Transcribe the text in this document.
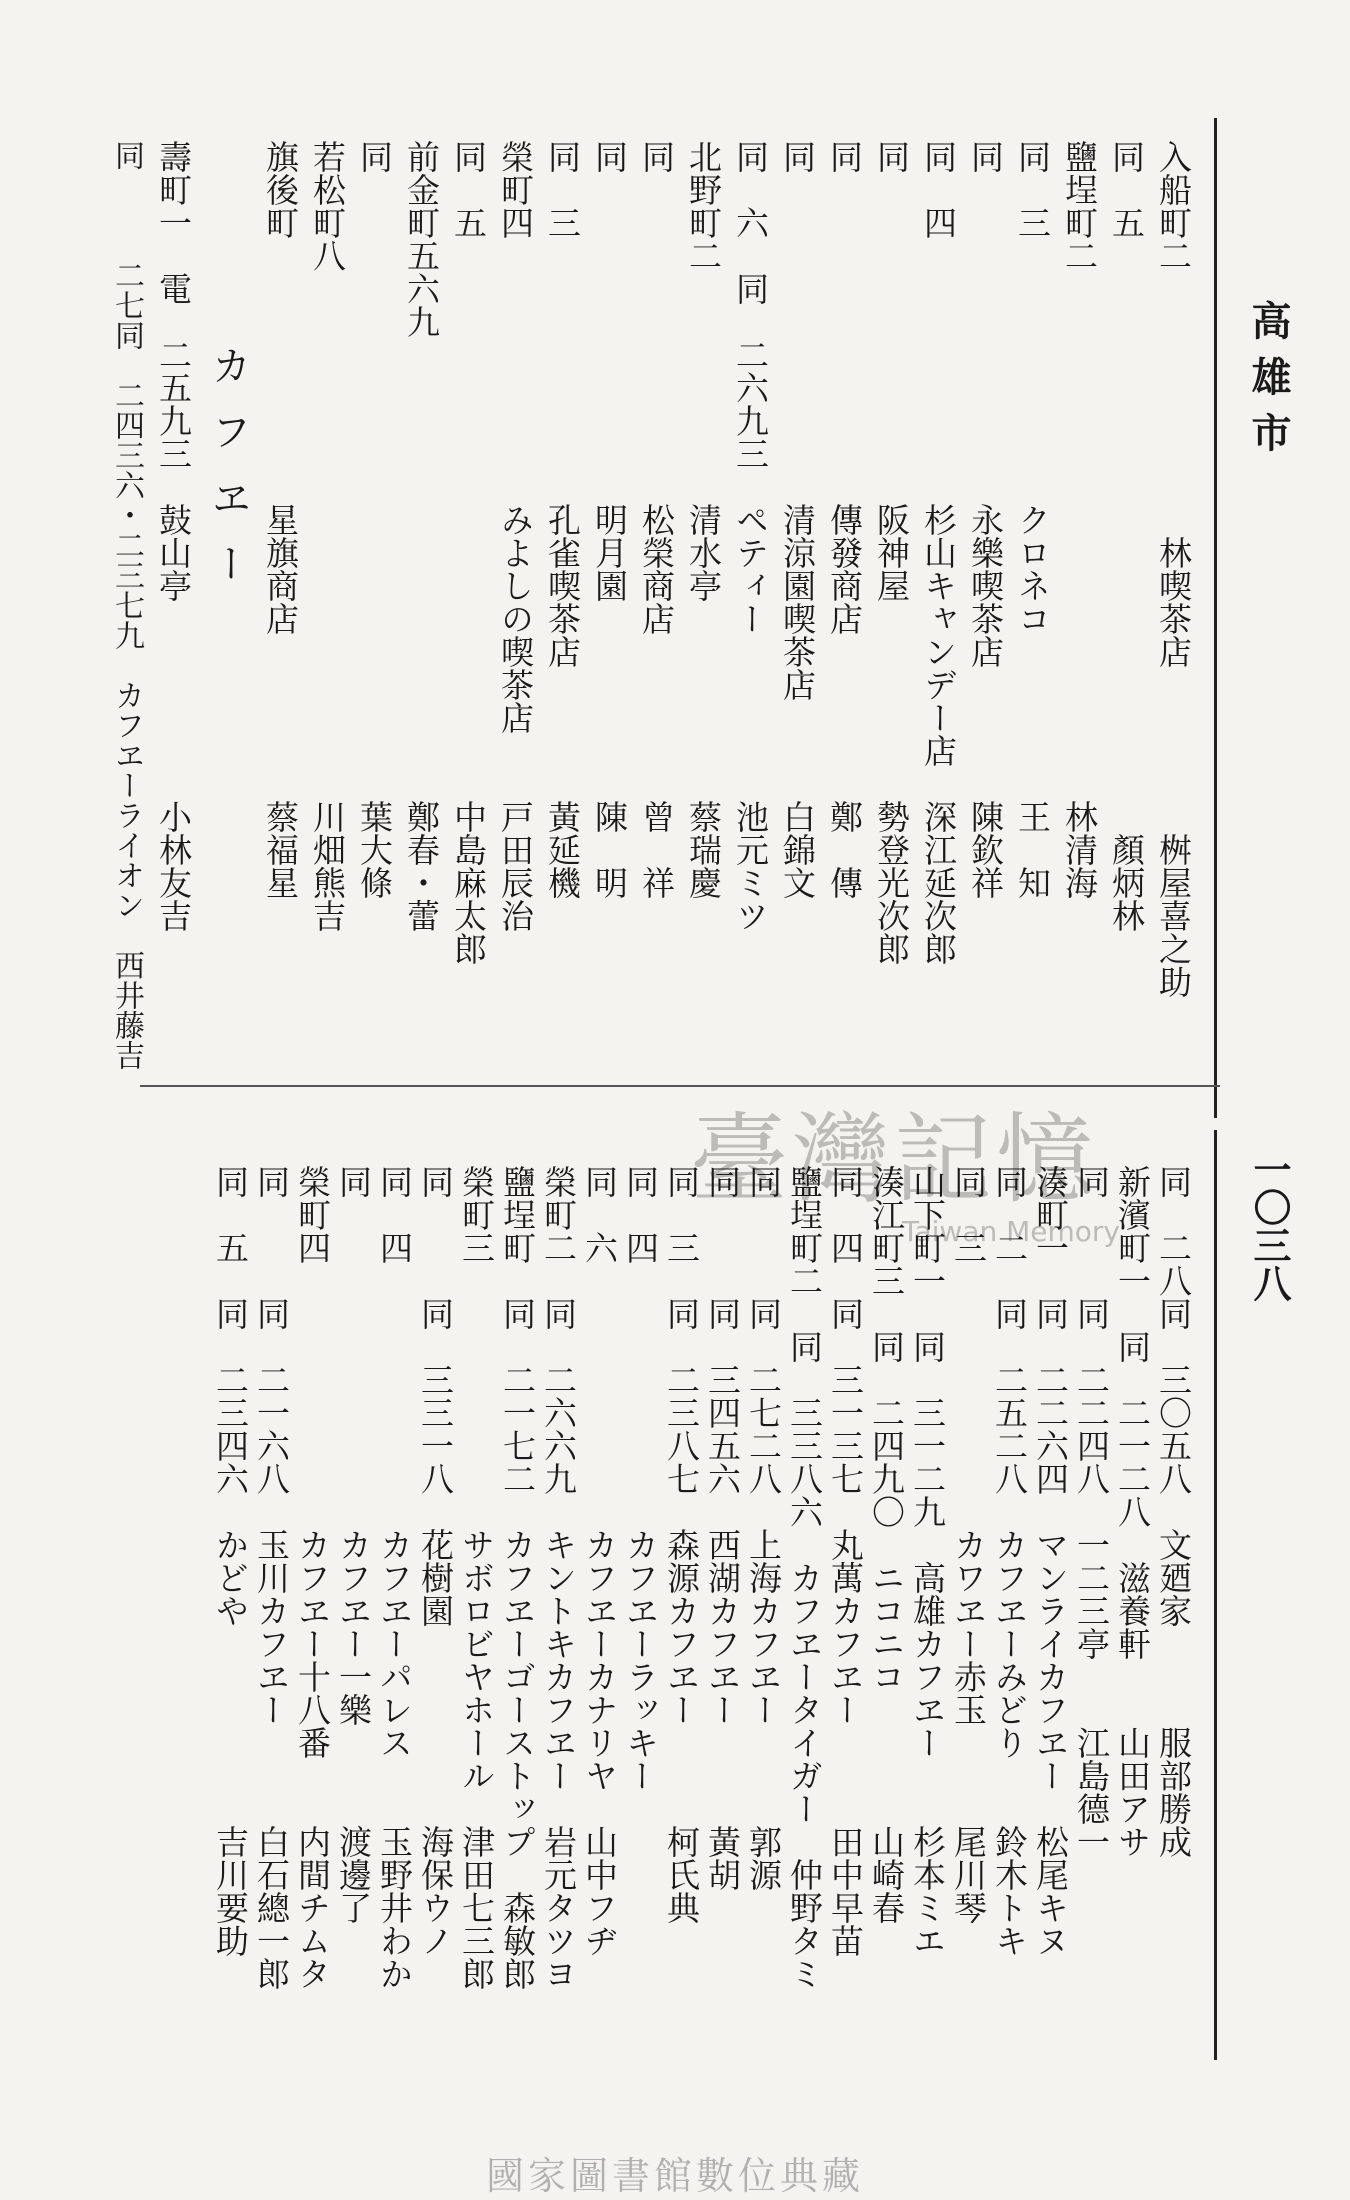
高雄市
一〇三八
入船町二　　　　　　　　林喫茶店　　　　　桝屋喜之助
同　五　　　　　　　　　　　　　　　　　　顏炳林
鹽埕町二　　　　　　　　　　　　　　　　林清海
同　三　　　　　　　　クロネコ　　　　　王　知
同　　　　　　　　　　永樂喫茶店　　　　陳欽祥
同　四　　　　　　　　杉山キャンデー店　深江延次郎
同　　　　　　　　　　阪神屋　　　　　　勢登光次郎
同　　　　　　　　　　傳發商店　　　　　鄭　傳
同　　　　　　　　　　清涼園喫茶店　　　白錦文
同　六　同　二六九三　ペティー　　　　　池元ミツ
北野町二　　　　　　　清水亭　　　　　　蔡瑞慶
同　　　　　　　　　　松榮商店　　　　　曾　祥
同　　　　　　　　　　明月園　　　　　　陳　明
同　三　　　　　　　　孔雀喫茶店　　　　黃延機
榮町四　　　　　　　　みよしの喫茶店　　戸田辰治
同　五　　　　　　　　　　　　　　　　　中島麻太郎
前金町五六九　　　　　　　　　　　　　　鄭春・蕾
同　　　　　　　　　　　　　　　　　　　葉大條
若松町八　　　　　　　　　　　　　　　　川畑熊吉
旗後町　　　　　　　　星旗商店　　　　　蔡福星
カフヱー
壽町一　電　二五九三　鼓山亭　　　　　　小林友吉
同　　　二七同　二四三六・二三七九　カフヱーライオン　西井藤吉
臺灣記憶
Taiwan Memory	同　二八同　三〇五八　文廼家　　　服部勝成
新濱町一　同　二一二八　滋養軒　　山田アサ
同　　　同　二二四八　一二三亭　　江島德一
湊町一　同　二二六四　マンライカフヱー　松尾キヌ
同　二　同　二五二八　カフヱーみどり　　鈴木トキ
同　三　　　　　　　　カワヱー赤玉　　　尾川琴
山下町一　同　三一二九　高雄カフヱー　　杉本ミエ
湊江町三　同　二四九〇　ニコニコ　　　　山崎春
同　四　同　三一三七　丸萬カフヱー　　　田中早苗
鹽埕町二　同　三三八六　カフヱータイガー　仲野タミ
同　　　同　二七二八　上海カフヱー　　　郭源
同　　　同　三四五六　西湖カフヱー　　　黃胡
同　三　同　二三八七　森源カフヱー　　　柯氏典
同　四　　　　　　　　カフヱーラッキー
同　六　　　　　　　　カフヱーカナリヤ　山中フヂ
榮町二　同　二六六九　キントキカフヱー　岩元タツヨ
鹽埕町　同　二一七二　カフヱーゴーストップ　森敏郎
榮町三　　　　　　　　サボロビヤホール　津田七三郎
同　　　同　三三一八　花樹園　　　　　　海保ウノ
同　四　　　　　　　　カフヱーパレス　　玉野井わか
同　　　　　　　　　　カフヱー一樂　　　渡邊了
榮町四　　　　　　　　カフヱー十八番　　内間チムタ
同　　　同　二一六八　玉川カフヱー　　　白石總一郎
同　五　同　二三四六　かどや　　　　　　吉川要助
國家圖書館數位典藏
